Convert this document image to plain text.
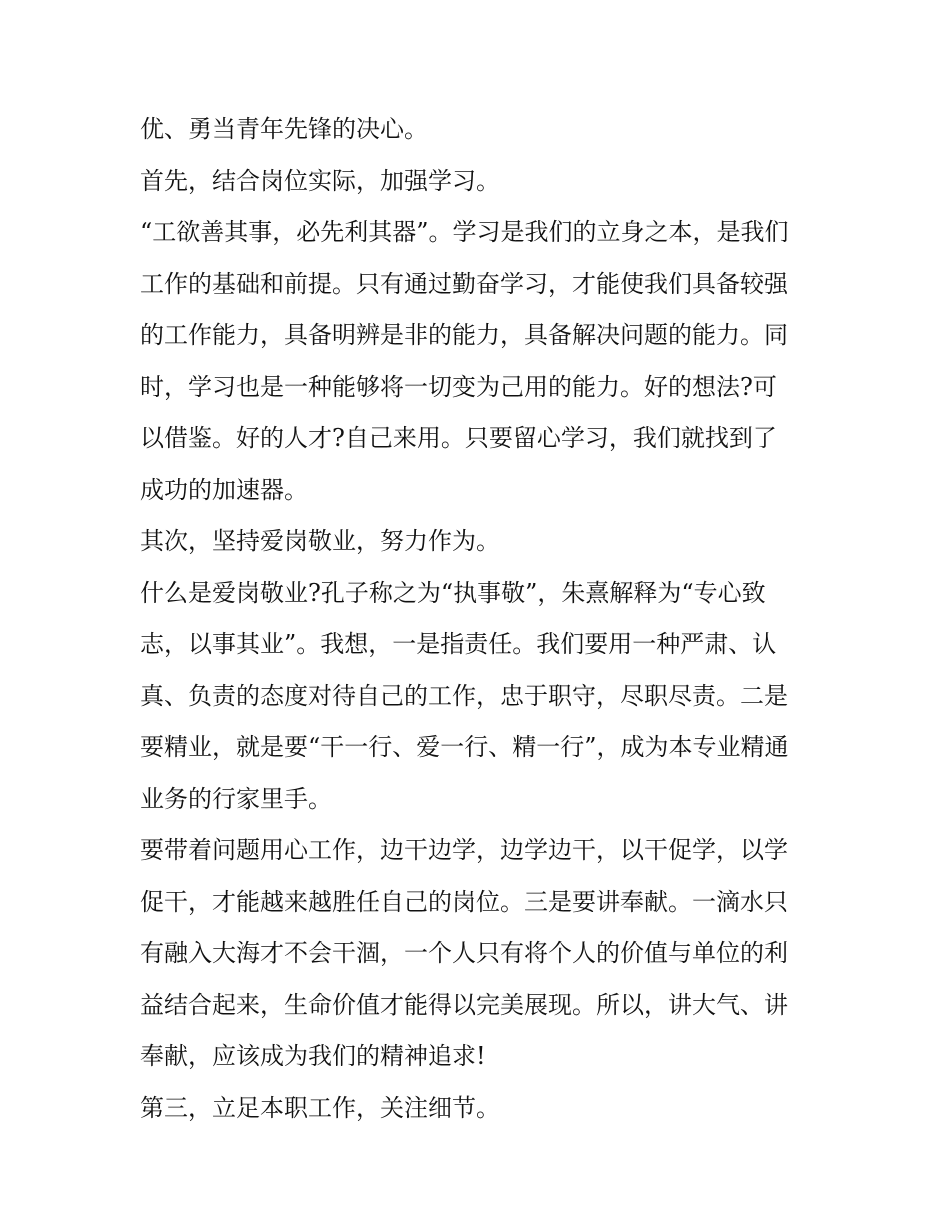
优、勇当青年先锋的决心。
首先，结合岗位实际，加强学习。
“工欲善其事，必先利其器”。学习是我们的立身之本，是我们
工作的基础和前提。只有通过勤奋学习，才能使我们具备较强
的工作能力，具备明辨是非的能力，具备解决问题的能力。同
时，学习也是一种能够将一切变为己用的能力。好的想法?可
以借鉴。好的人才?自己来用。只要留心学习，我们就找到了
成功的加速器。
其次，坚持爱岗敬业，努力作为。
什么是爱岗敬业?孔子称之为“执事敬”，朱熹解释为“专心致
志，以事其业”。我想，一是指责任。我们要用一种严肃、认
真、负责的态度对待自己的工作，忠于职守，尽职尽责。二是
要精业，就是要“干一行、爱一行、精一行”，成为本专业精通
业务的行家里手。
要带着问题用心工作，边干边学，边学边干，以干促学，以学
促干，才能越来越胜任自己的岗位。三是要讲奉献。一滴水只
有融入大海才不会干涸，一个人只有将个人的价值与单位的利
益结合起来，生命价值才能得以完美展现。所以，讲大气、讲
奉献，应该成为我们的精神追求!
第三，立足本职工作，关注细节。
